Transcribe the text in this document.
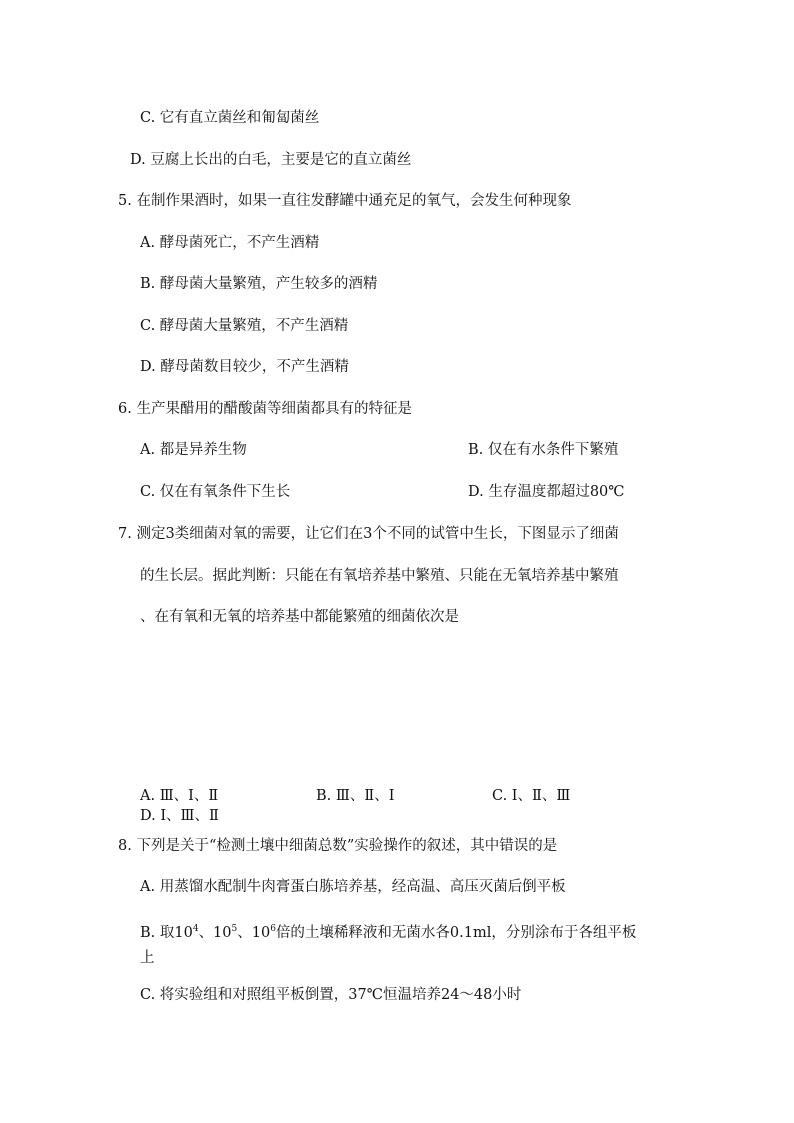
C. 它有直立菌丝和匍匐菌丝
D. 豆腐上长出的白毛，主要是它的直立菌丝
5. 在制作果酒时，如果一直往发酵罐中通充足的氧气，会发生何种现象
A. 酵母菌死亡，不产生酒精
B. 酵母菌大量繁殖，产生较多的酒精
C. 酵母菌大量繁殖，不产生酒精
D. 酵母菌数目较少，不产生酒精
6. 生产果醋用的醋酸菌等细菌都具有的特征是
A. 都是异养生物	B. 仅在有水条件下繁殖
C. 仅在有氧条件下生长	D. 生存温度都超过80℃
7. 测定3类细菌对氧的需要，让它们在3个不同的试管中生长，下图显示了细菌
的生长层。据此判断：只能在有氧培养基中繁殖、只能在无氧培养基中繁殖
、在有氧和无氧的培养基中都能繁殖的细菌依次是
A. Ⅲ、Ⅰ、Ⅱ	B. Ⅲ、Ⅱ、Ⅰ	C. Ⅰ、Ⅱ、Ⅲ
D. Ⅰ、Ⅲ、Ⅱ
8. 下列是关于“检测土壤中细菌总数”实验操作的叙述，其中错误的是
A. 用蒸馏水配制牛肉膏蛋白胨培养基，经高温、高压灭菌后倒平板
B. 取$10^4$、$10^5$、$10^6$倍的土壤稀释液和无菌水各0.1ml，分别涂布于各组平板
上
C. 将实验组和对照组平板倒置，37℃恒温培养24～48小时
